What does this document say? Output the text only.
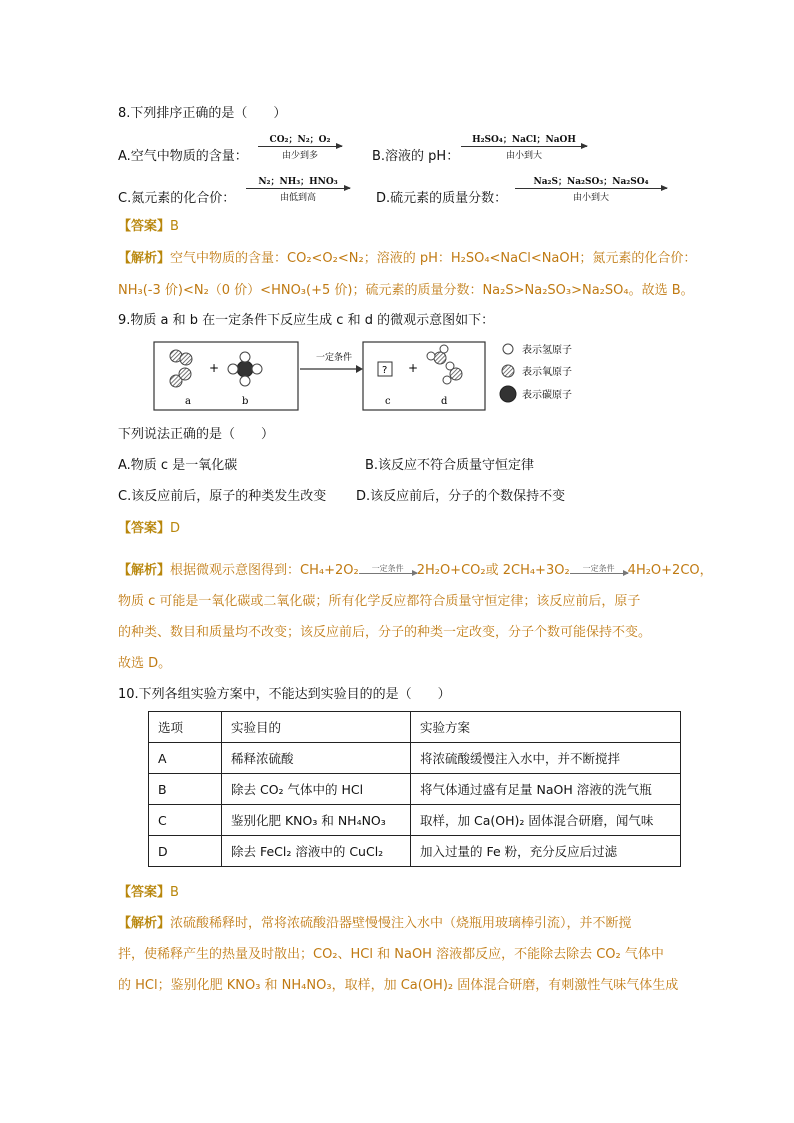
8.下列排序正确的是（　　）
A.空气中物质的含量：
CO₂；N₂；O₂
由少到多	B.溶液的 pH：
H₂SO₄；NaCl；NaOH
由小到大
C.氮元素的化合价：
N₂；NH₃；HNO₃
由低到高	D.硫元素的质量分数：
Na₂S；Na₂SO₃；Na₂SO₄
由小到大
【答案】B
【解析】空气中物质的含量：CO₂<O₂<N₂；溶液的 pH：H₂SO₄<NaCl<NaOH；氮元素的化合价：
NH₃(-3 价)<N₂（0 价）<HNO₃(+5 价)；硫元素的质量分数：Na₂S>Na₂SO₃>Na₂SO₄。故选 B。
9.物质 a 和 b 在一定条件下反应生成 c 和 d 的微观示意图如下：
a
+
b
一定条件
?
c
+
d
表示氢原子
表示氧原子
表示碳原子
下列说法正确的是（　　）
A.物质 c 是一氧化碳	B.该反应不符合质量守恒定律
C.该反应前后，原子的种类发生改变 D.该反应前后，分子的个数保持不变
【答案】D
【解析】根据微观示意图得到：CH₄+2O₂	一定条件	2H₂O+CO₂或 2CH₄+3O₂	一定条件	4H₂O+2CO，
物质 c 可能是一氧化碳或二氧化碳；所有化学反应都符合质量守恒定律；该反应前后，原子
的种类、数目和质量均不改变；该反应前后，分子的种类一定改变，分子个数可能保持不变。
故选 D。
10.下列各组实验方案中，不能达到实验目的的是（　　）
选项	实验目的	实验方案
A	稀释浓硫酸	将浓硫酸缓慢注入水中，并不断搅拌
B	除去 CO₂ 气体中的 HCl	将气体通过盛有足量 NaOH 溶液的洗气瓶
C	鉴别化肥 KNO₃ 和 NH₄NO₃	取样，加 Ca(OH)₂ 固体混合研磨，闻气味
D	除去 FeCl₂ 溶液中的 CuCl₂	加入过量的 Fe 粉，充分反应后过滤
【答案】B
【解析】浓硫酸稀释时，常将浓硫酸沿器壁慢慢注入水中（烧瓶用玻璃棒引流），并不断搅
拌，使稀释产生的热量及时散出；CO₂、HCl 和 NaOH 溶液都反应，不能除去除去 CO₂ 气体中
的 HCl；鉴别化肥 KNO₃ 和 NH₄NO₃，取样，加 Ca(OH)₂ 固体混合研磨，有刺激性气味气体生成
